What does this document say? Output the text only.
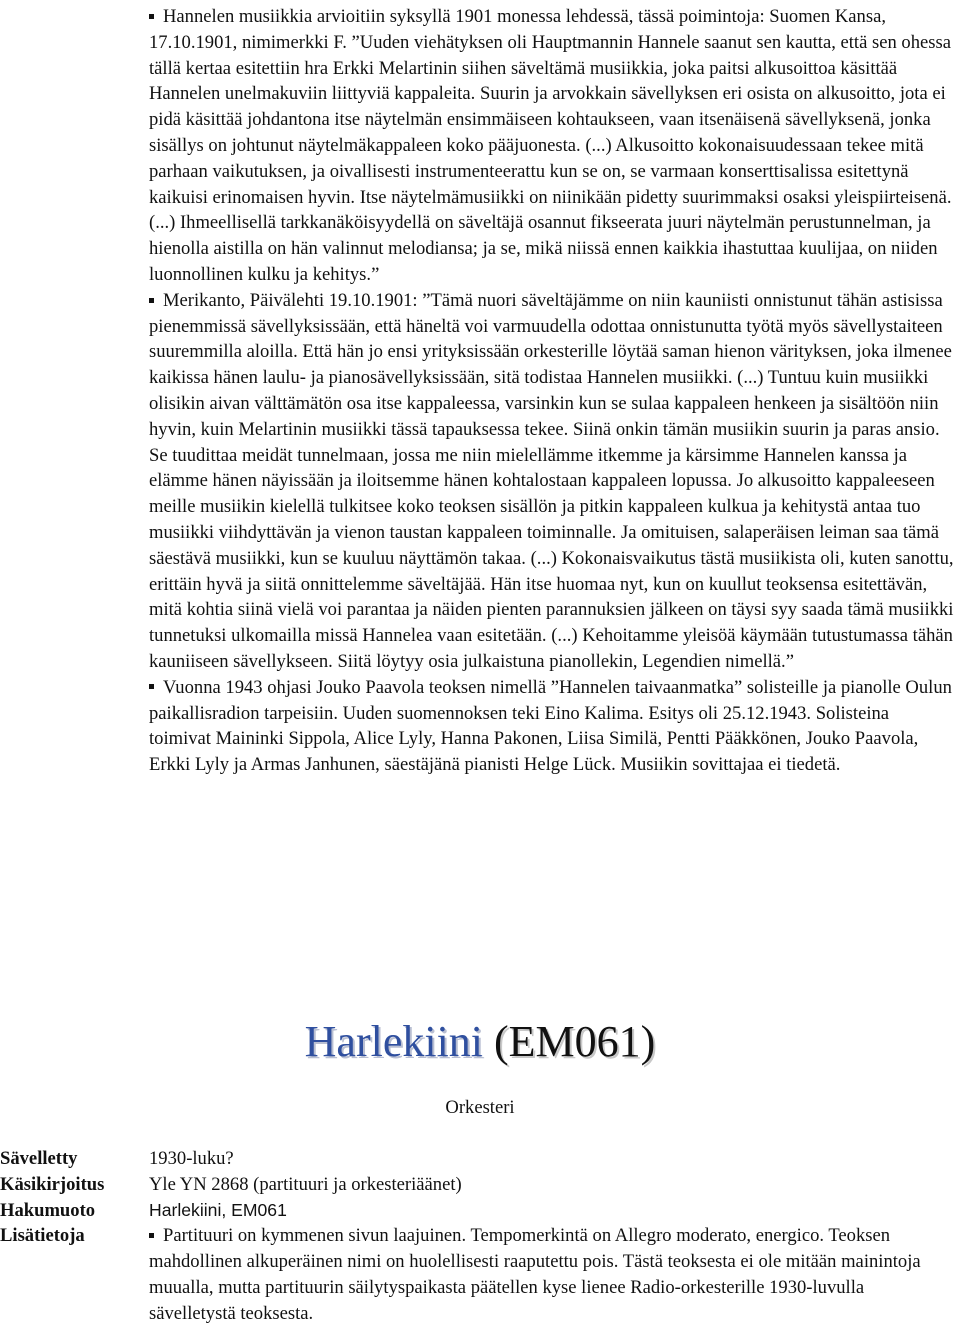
Hannelen musiikkia arvioitiin syksyllä 1901 monessa lehdessä, tässä poimintoja: Suomen Kansa, 17.10.1901, nimimerkki F. ”Uuden viehätyksen oli Hauptmannin Hannele saanut sen kautta, että sen ohessa tällä kertaa esitettiin hra Erkki Melartinin siihen säveltämä musiikkia, joka paitsi alkusoittoa käsittää Hannelen unelmakuviin liittyviä kappaleita. Suurin ja arvokkain sävellyksen eri osista on alkusoitto, jota ei pidä käsittää johdantona itse näytelmän ensimmäiseen kohtaukseen, vaan itsenäisenä sävellyksenä, jonka sisällys on johtunut näytelmäkappaleen koko pääjuonesta. (...) Alkusoitto kokonaisuudessaan tekee mitä parhaan vaikutuksen, ja oivallisesti instrumenteerattu kun se on, se varmaan konserttisalissa esitettynä kaikuisi erinomaisen hyvin. Itse näytelmämusiikki on niinikään pidetty suurimmaksi osaksi yleispiirteisenä. (...) Ihmeellisellä tarkkanäköisyydellä on säveltäjä osannut fikseerata juuri näytelmän perustunnelman, ja hienolla aistilla on hän valinnut melodiansa; ja se, mikä niissä ennen kaikkia ihastuttaa kuulijaa, on niiden luonnollinen kulku ja kehitys.”

Merikanto, Päivälehti 19.10.1901: ”Tämä nuori säveltäjämme on niin kauniisti onnistunut tähän astisissa pienemmissä sävellyksissään, että häneltä voi varmuudella odottaa onnistunutta työtä myös sävellystaiteen suuremmilla aloilla. Että hän jo ensi yrityksissään orkesterille löytää saman hienon värityksen, joka ilmenee kaikissa hänen laulu- ja pianosävellyksissään, sitä todistaa Hannelen musiikki. (...) Tuntuu kuin musiikki olisikin aivan välttämätön osa itse kappaleessa, varsinkin kun se sulaa kappaleen henkeen ja sisältöön niin hyvin, kuin Melartinin musiikki tässä tapauksessa tekee. Siinä onkin tämän musiikin suurin ja paras ansio. Se tuudittaa meidät tunnelmaan, jossa me niin mielellämme itkemme ja kärsimme Hannelen kanssa ja elämme hänen näyissään ja iloitsemme hänen kohtalostaan kappaleen lopussa. Jo alkusoitto kappaleeseen meille musiikin kielellä tulkitsee koko teoksen sisällön ja pitkin kappaleen kulkua ja kehitystä antaa tuo musiikki viihdyttävän ja vienon taustan kappaleen toiminnalle. Ja omituisen, salaperäisen leiman saa tämä säestävä musiikki, kun se kuuluu näyttämön takaa. (...) Kokonaisvaikutus tästä musiikista oli, kuten sanottu, erittäin hyvä ja siitä onnittelemme säveltäjää. Hän itse huomaa nyt, kun on kuullut teoksensa esitettävän, mitä kohtia siinä vielä voi parantaa ja näiden pienten parannuksien jälkeen on täysi syy saada tämä musiikki tunnetuksi ulkomailla missä Hannelea vaan esitetään. (...) Kehoitamme yleisöä käymään tutustumassa tähän kauniiseen sävellykseen. Siitä löytyy osia julkaistuna pianollekin, Legendien nimellä.”

Vuonna 1943 ohjasi Jouko Paavola teoksen nimellä ”Hannelen taivaanmatka” solisteille ja pianolle Oulun paikallisradion tarpeisiin. Uuden suomennoksen teki Eino Kalima. Esitys oli 25.12.1943. Solisteina toimivat Maininki Sippola, Alice Lyly, Hanna Pakonen, Liisa Similä, Pentti Pääkkönen, Jouko Paavola, Erkki Lyly ja Armas Janhunen, säestäjänä pianisti Helge Lück. Musiikin sovittajaa ei tiedetä.

Harlekiini (EM061)
Orkesteri
Sävelletty	1930-luku?
Käsikirjoitus Yle YN 2868 (partituuri ja orkesteriäänet)
Hakumuoto	Harlekiini, EM061
Lisätietoja	Partituuri on kymmenen sivun laajuinen. Tempomerkintä on Allegro moderato, energico. Teoksen mahdollinen alkuperäinen nimi on huolellisesti raaputettu pois. Tästä teoksesta ei ole mitään mainintoja muualla, mutta partituurin säilytyspaikasta päätellen kyse lienee Radio-orkesterille 1930-luvulla sävelletystä teoksesta.
